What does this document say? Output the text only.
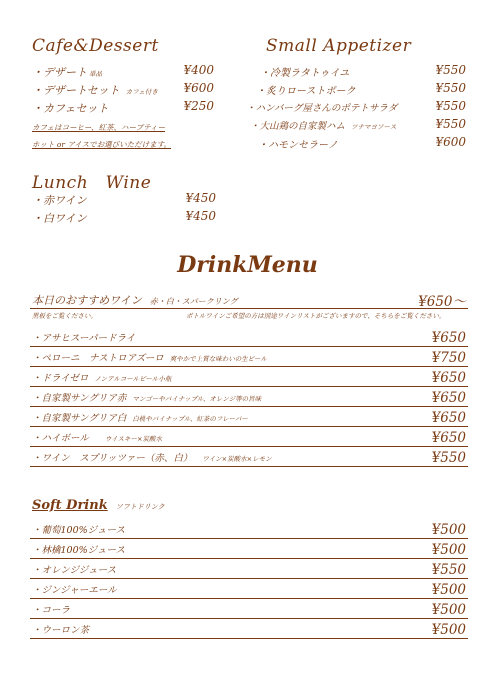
Cafe&Dessert
・デザート 単品	¥400
・デザートセット カフェ付き	¥600
・カフェセット	¥250
カフェはコーヒー、紅茶、ハーブティー
ホット or アイスでお選びいただけます。
Small Appetizer
・冷製ラタトゥイユ	¥550
・炙りローストポーク	¥550
・ハンバーグ屋さんのポテトサラダ	¥550
・大山鶏の自家製ハム ツナマヨソース	¥550
・ハモンセラーノ	¥600
Lunch　Wine
・赤ワイン	¥450
・白ワイン	¥450
DrinkMenu
本日のおすすめワイン 赤・白・スパークリング	¥650～
黒板をご覧ください。	ボトルワインご希望の方は別途ワインリストがございますので、そちらをご覧ください。
・アサヒスーパードライ	¥650
・ペローニ　ナストロアズーロ 爽やかで上質な味わいの生ビール	¥750
・ドライゼロ ノンアルコールビール小瓶	¥650
・自家製サングリア赤 マンゴーやパイナップル、オレンジ等の旨味	¥650
・自家製サングリア白 白桃やパイナップル、紅茶のフレーバー	¥650
・ハイボール ウイスキー×炭酸水	¥650
・ワイン　スプリッツァー（赤、白） ワイン×炭酸水×レモン	¥550
Soft Drink ソフトドリンク
・葡萄100%ジュース	¥500
・林檎100%ジュース	¥500
・オレンジジュース	¥550
・ジンジャーエール	¥500
・コーラ	¥500
・ウーロン茶	¥500
